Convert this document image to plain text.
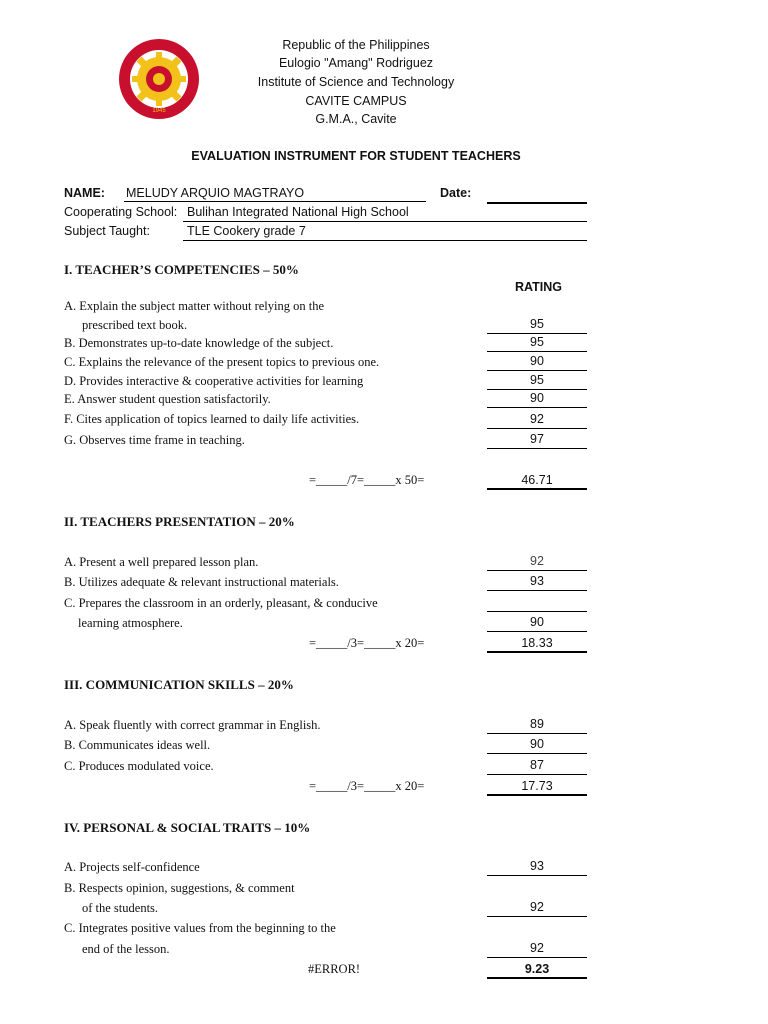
1945
Republic of the Philippines
Eulogio "Amang" Rodriguez
Institute of Science and Technology
CAVITE CAMPUS
G.M.A., Cavite
EVALUATION INSTRUMENT FOR STUDENT TEACHERS
NAME: MELUDY ARQUIO MAGTRAYO	Date:
Cooperating School: Bulihan Integrated National High School
Subject Taught:	TLE Cookery grade 7
I. TEACHER’S COMPETENCIES – 50%
RATING
A. Explain the subject matter without relying on the
prescribed text book.	95
B. Demonstrates up-to-date knowledge of the subject.	95
C. Explains the relevance of the present topics to previous one.	90
D. Provides interactive & cooperative activities for learning	95
E. Answer student question satisfactorily.	90
F. Cites application of topics learned to daily life activities.	92
G. Observes time frame in teaching.	97
=_____/7=_____x 50=	46.71
II. TEACHERS PRESENTATION – 20%
A. Present a well prepared lesson plan.	92
B. Utilizes adequate & relevant instructional materials.	93
C. Prepares the classroom in an orderly, pleasant, & conducive
learning atmosphere.	90
=_____/3=_____x 20=	18.33
III. COMMUNICATION SKILLS – 20%
A. Speak fluently with correct grammar in English.	89
B. Communicates ideas well.	90
C. Produces modulated voice.	87
=_____/3=_____x 20=	17.73
IV. PERSONAL & SOCIAL TRAITS – 10%
A. Projects self-confidence	93
B. Respects opinion, suggestions, & comment
of the students.	92
C. Integrates positive values from the beginning to the
end of the lesson.	92
#ERROR!	9.23
